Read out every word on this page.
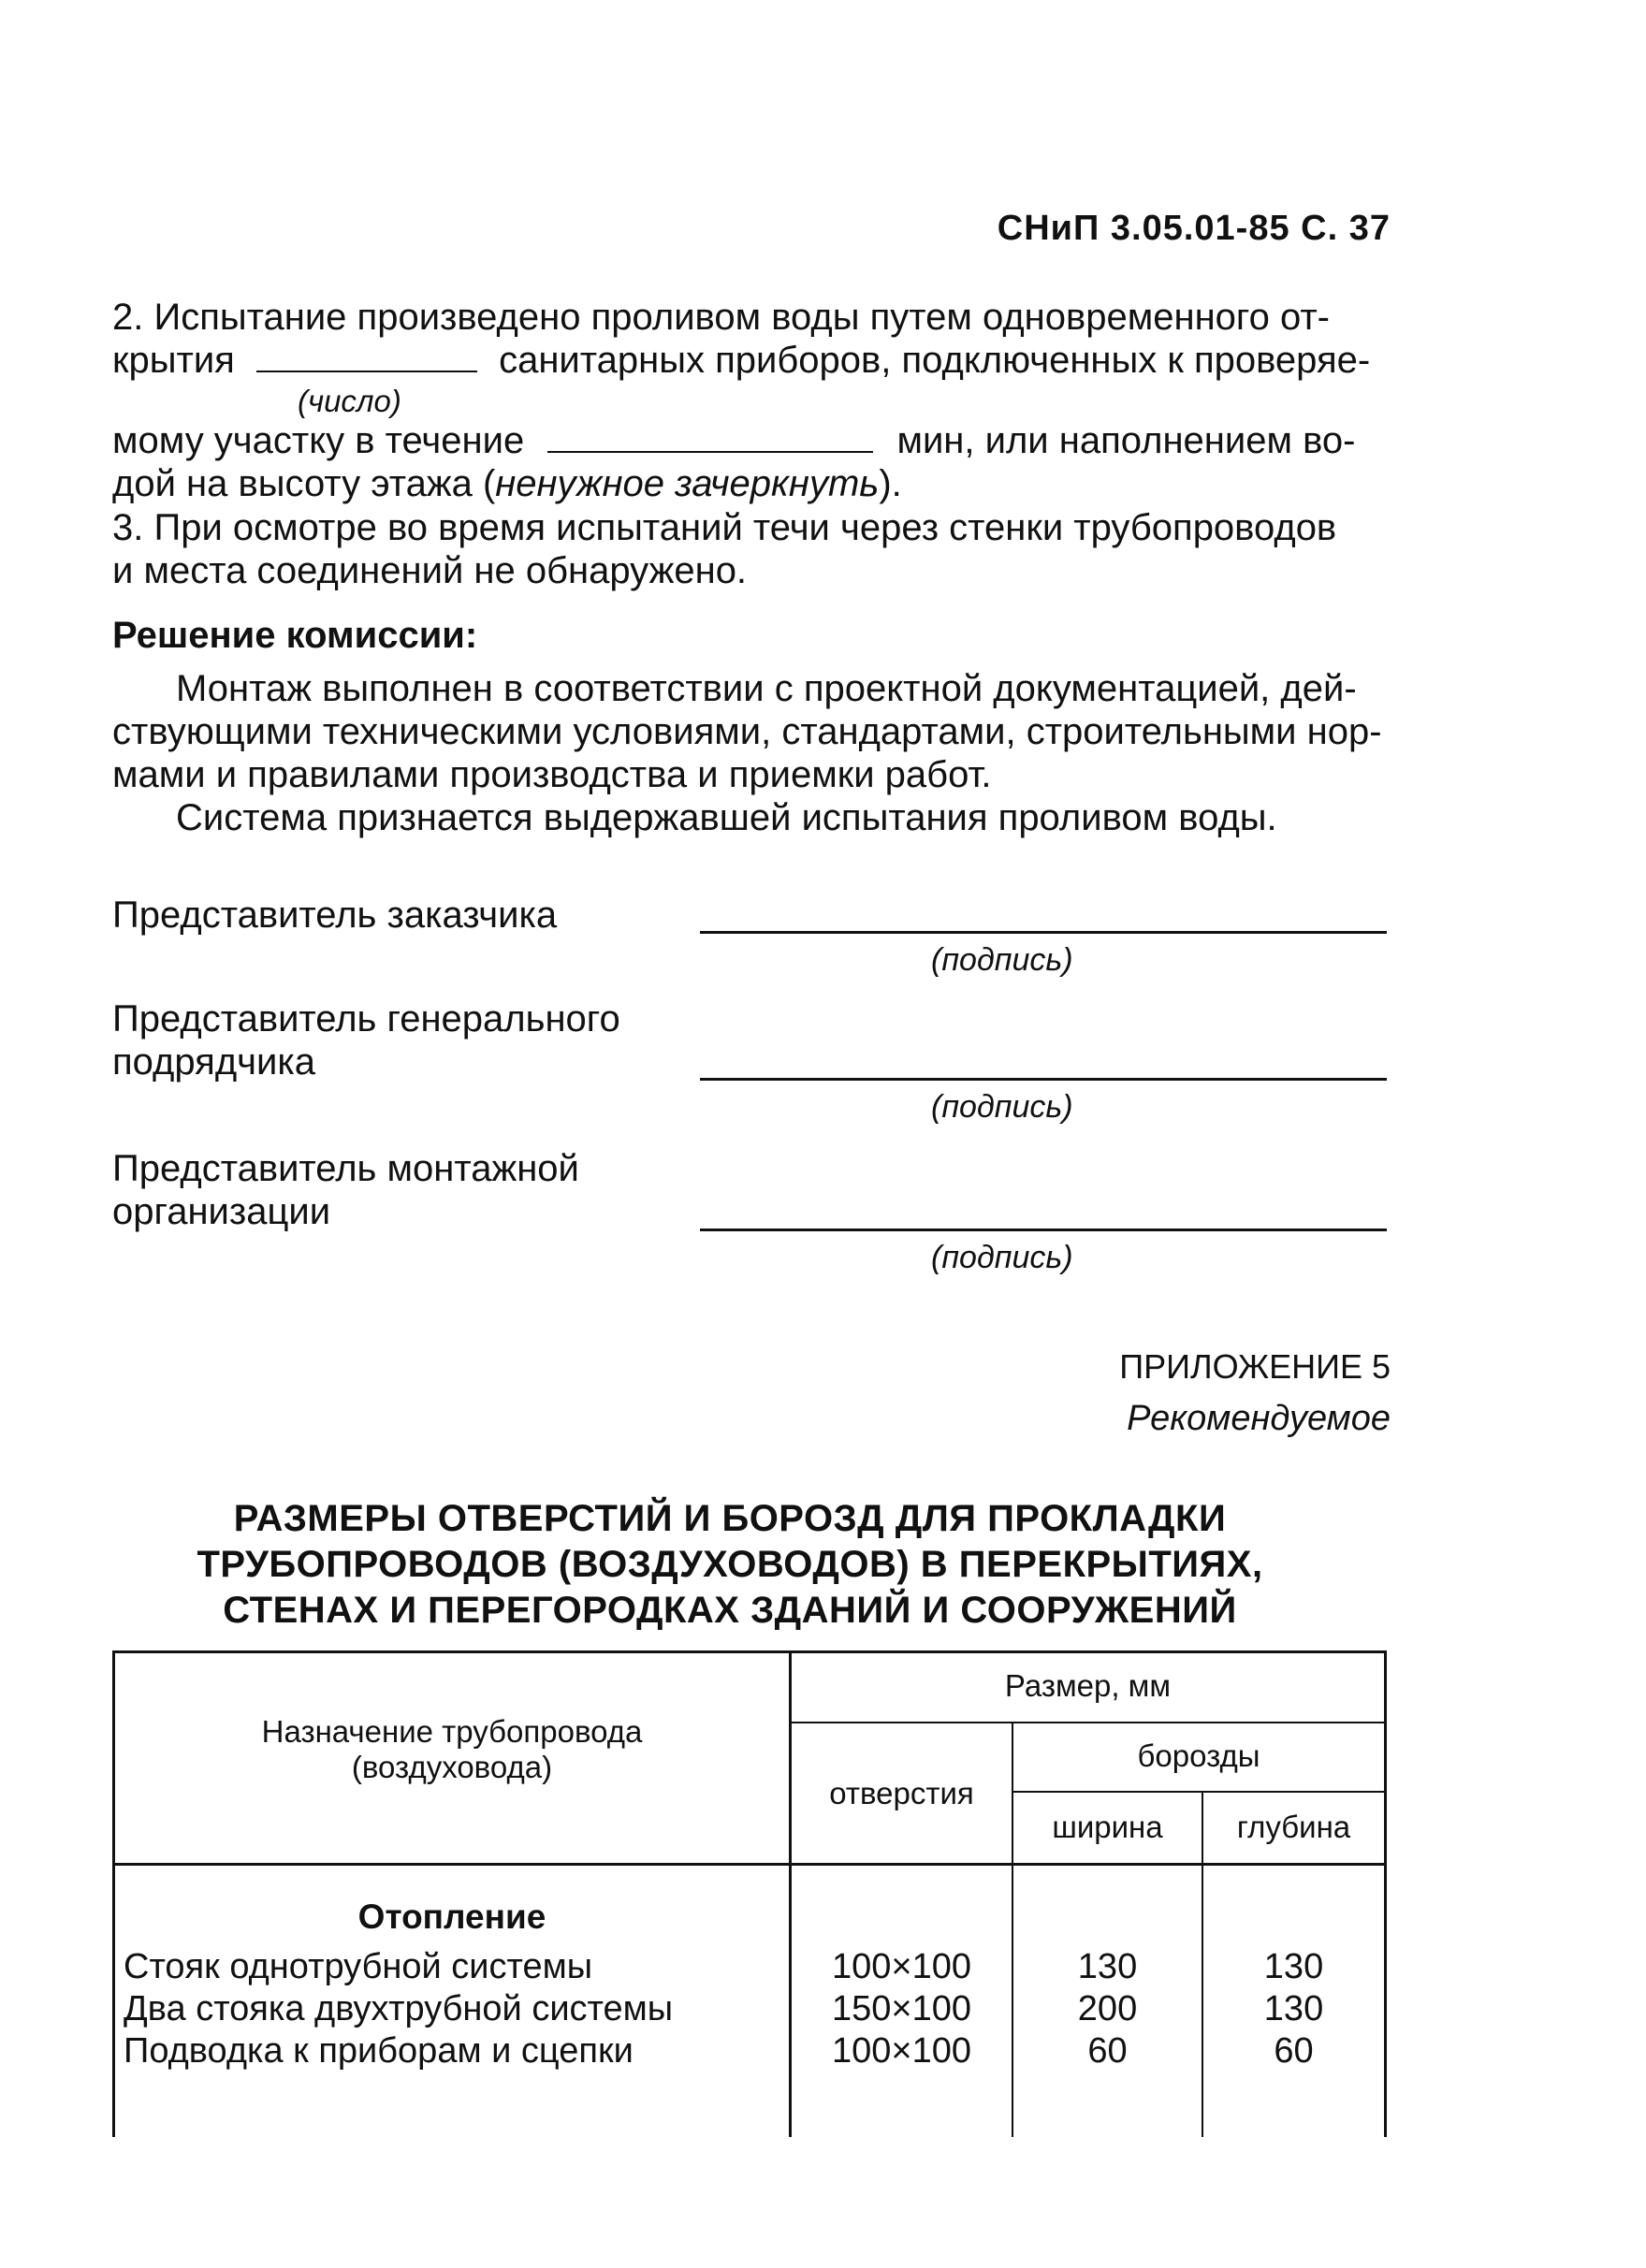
СНиП 3.05.01-85 С. 37
2. Испытание произведено проливом воды путем одновременного от-
крытия	санитарных приборов, подключенных к проверяе-
(число)
мому участку в течение	мин, или наполнением во-
дой на высоту этажа (ненужное зачеркнуть).
3. При осмотре во время испытаний течи через стенки трубопроводов
и места соединений не обнаружено.
Решение комиссии:
Монтаж выполнен в соответствии с проектной документацией, дей-
ствующими техническими условиями, стандартами, строительными нор-
мами и правилами производства и приемки работ.
Система признается выдержавшей испытания проливом воды.
Представитель заказчика
(подпись)
Представитель генерального
подрядчика
(подпись)
Представитель монтажной
организации
(подпись)
ПРИЛОЖЕНИЕ 5
Рекомендуемое
РАЗМЕРЫ ОТВЕРСТИЙ И БОРОЗД ДЛЯ ПРОКЛАДКИ
ТРУБОПРОВОДОВ (ВОЗДУХОВОДОВ) В ПЕРЕКРЫТИЯХ,
СТЕНАХ И ПЕРЕГОРОДКАХ ЗДАНИЙ И СООРУЖЕНИЙ
Назначение трубопровода
(воздуховода)
Размер, мм
отверстия
борозды
ширина	глубина
Отопление
Стояк однотрубной системы	100×100	130	130
Два стояка двухтрубной системы	150×100	200	130
Подводка к приборам и сцепки	100×100	60	60
